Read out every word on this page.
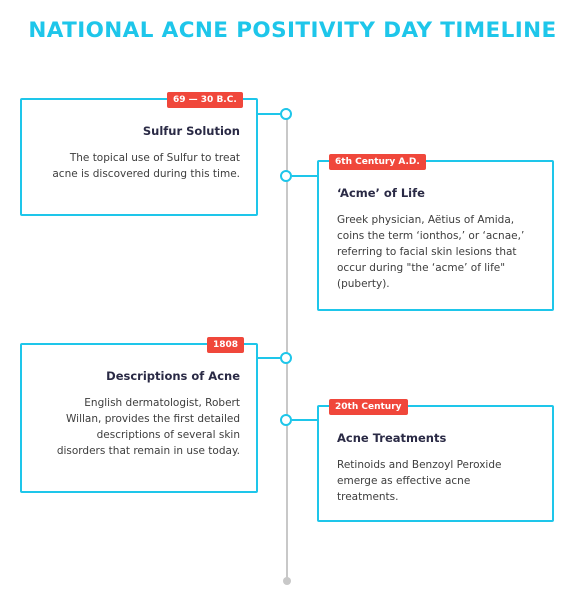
NATIONAL ACNE POSITIVITY DAY TIMELINE
Sulfur Solution
The topical use of Sulfur to treat acne is discovered during this time.
69 — 30 B.C.
‘Acme’ of Life
Greek physician, Aëtius of Amida, coins the term ‘ionthos,’ or ‘acnae,’ referring to facial skin lesions that occur during "the ‘acme’ of life" (puberty).
6th Century A.D.
Descriptions of Acne
English dermatologist, Robert Willan, provides the first detailed descriptions of several skin disorders that remain in use today.
1808
Acne Treatments
Retinoids and Benzoyl Peroxide emerge as effective acne treatments.
20th Century
